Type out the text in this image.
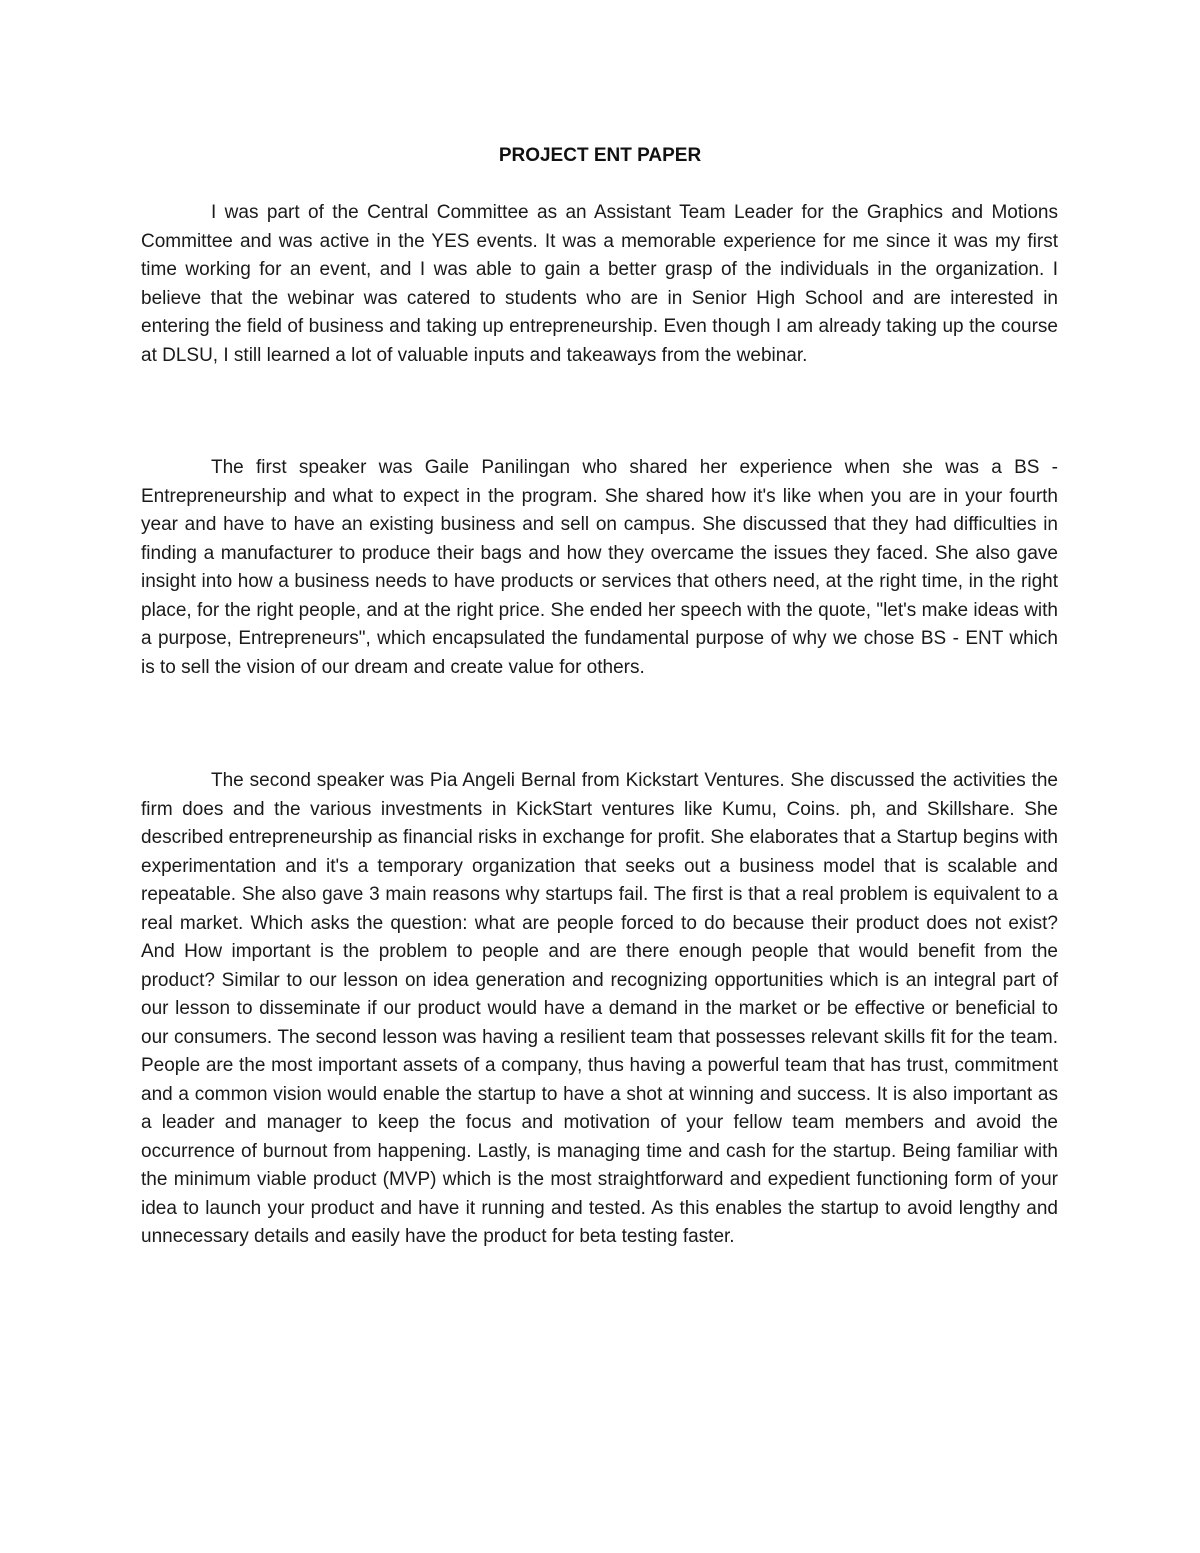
PROJECT ENT PAPER

I was part of the Central Committee as an Assistant Team Leader for the Graphics and Motions Committee and was active in the YES events. It was a memorable experience for me since it was my first time working for an event, and I was able to gain a better grasp of the individuals in the organization. I believe that the webinar was catered to students who are in Senior High School and are interested in entering the field of business and taking up entrepreneurship. Even though I am already taking up the course at DLSU, I still learned a lot of valuable inputs and takeaways from the webinar.

The first speaker was Gaile Panilingan who shared her experience when she was a BS - Entrepreneurship and what to expect in the program. She shared how it's like when you are in your fourth year and have to have an existing business and sell on campus. She discussed that they had difficulties in finding a manufacturer to produce their bags and how they overcame the issues they faced. She also gave insight into how a business needs to have products or services that others need, at the right time, in the right place, for the right people, and at the right price. She ended her speech with the quote, "let's make ideas with a purpose, Entrepreneurs", which encapsulated the fundamental purpose of why we chose BS - ENT which is to sell the vision of our dream and create value for others.

The second speaker was Pia Angeli Bernal from Kickstart Ventures. She discussed the activities the firm does and the various investments in KickStart ventures like Kumu, Coins. ph, and Skillshare. She described entrepreneurship as financial risks in exchange for profit. She elaborates that a Startup begins with experimentation and it's a temporary organization that seeks out a business model that is scalable and repeatable. She also gave 3 main reasons why startups fail. The first is that a real problem is equivalent to a real market. Which asks the question: what are people forced to do because their product does not exist? And How important is the problem to people and are there enough people that would benefit from the product? Similar to our lesson on idea generation and recognizing opportunities which is an integral part of our lesson to disseminate if our product would have a demand in the market or be effective or beneficial to our consumers. The second lesson was having a resilient team that possesses relevant skills fit for the team. People are the most important assets of a company, thus having a powerful team that has trust, commitment and a common vision would enable the startup to have a shot at winning and success. It is also important as a leader and manager to keep the focus and motivation of your fellow team members and avoid the occurrence of burnout from happening. Lastly, is managing time and cash for the startup. Being familiar with the minimum viable product (MVP) which is the most straightforward and expedient functioning form of your idea to launch your product and have it running and tested. As this enables the startup to avoid lengthy and unnecessary details and easily have the product for beta testing faster.
